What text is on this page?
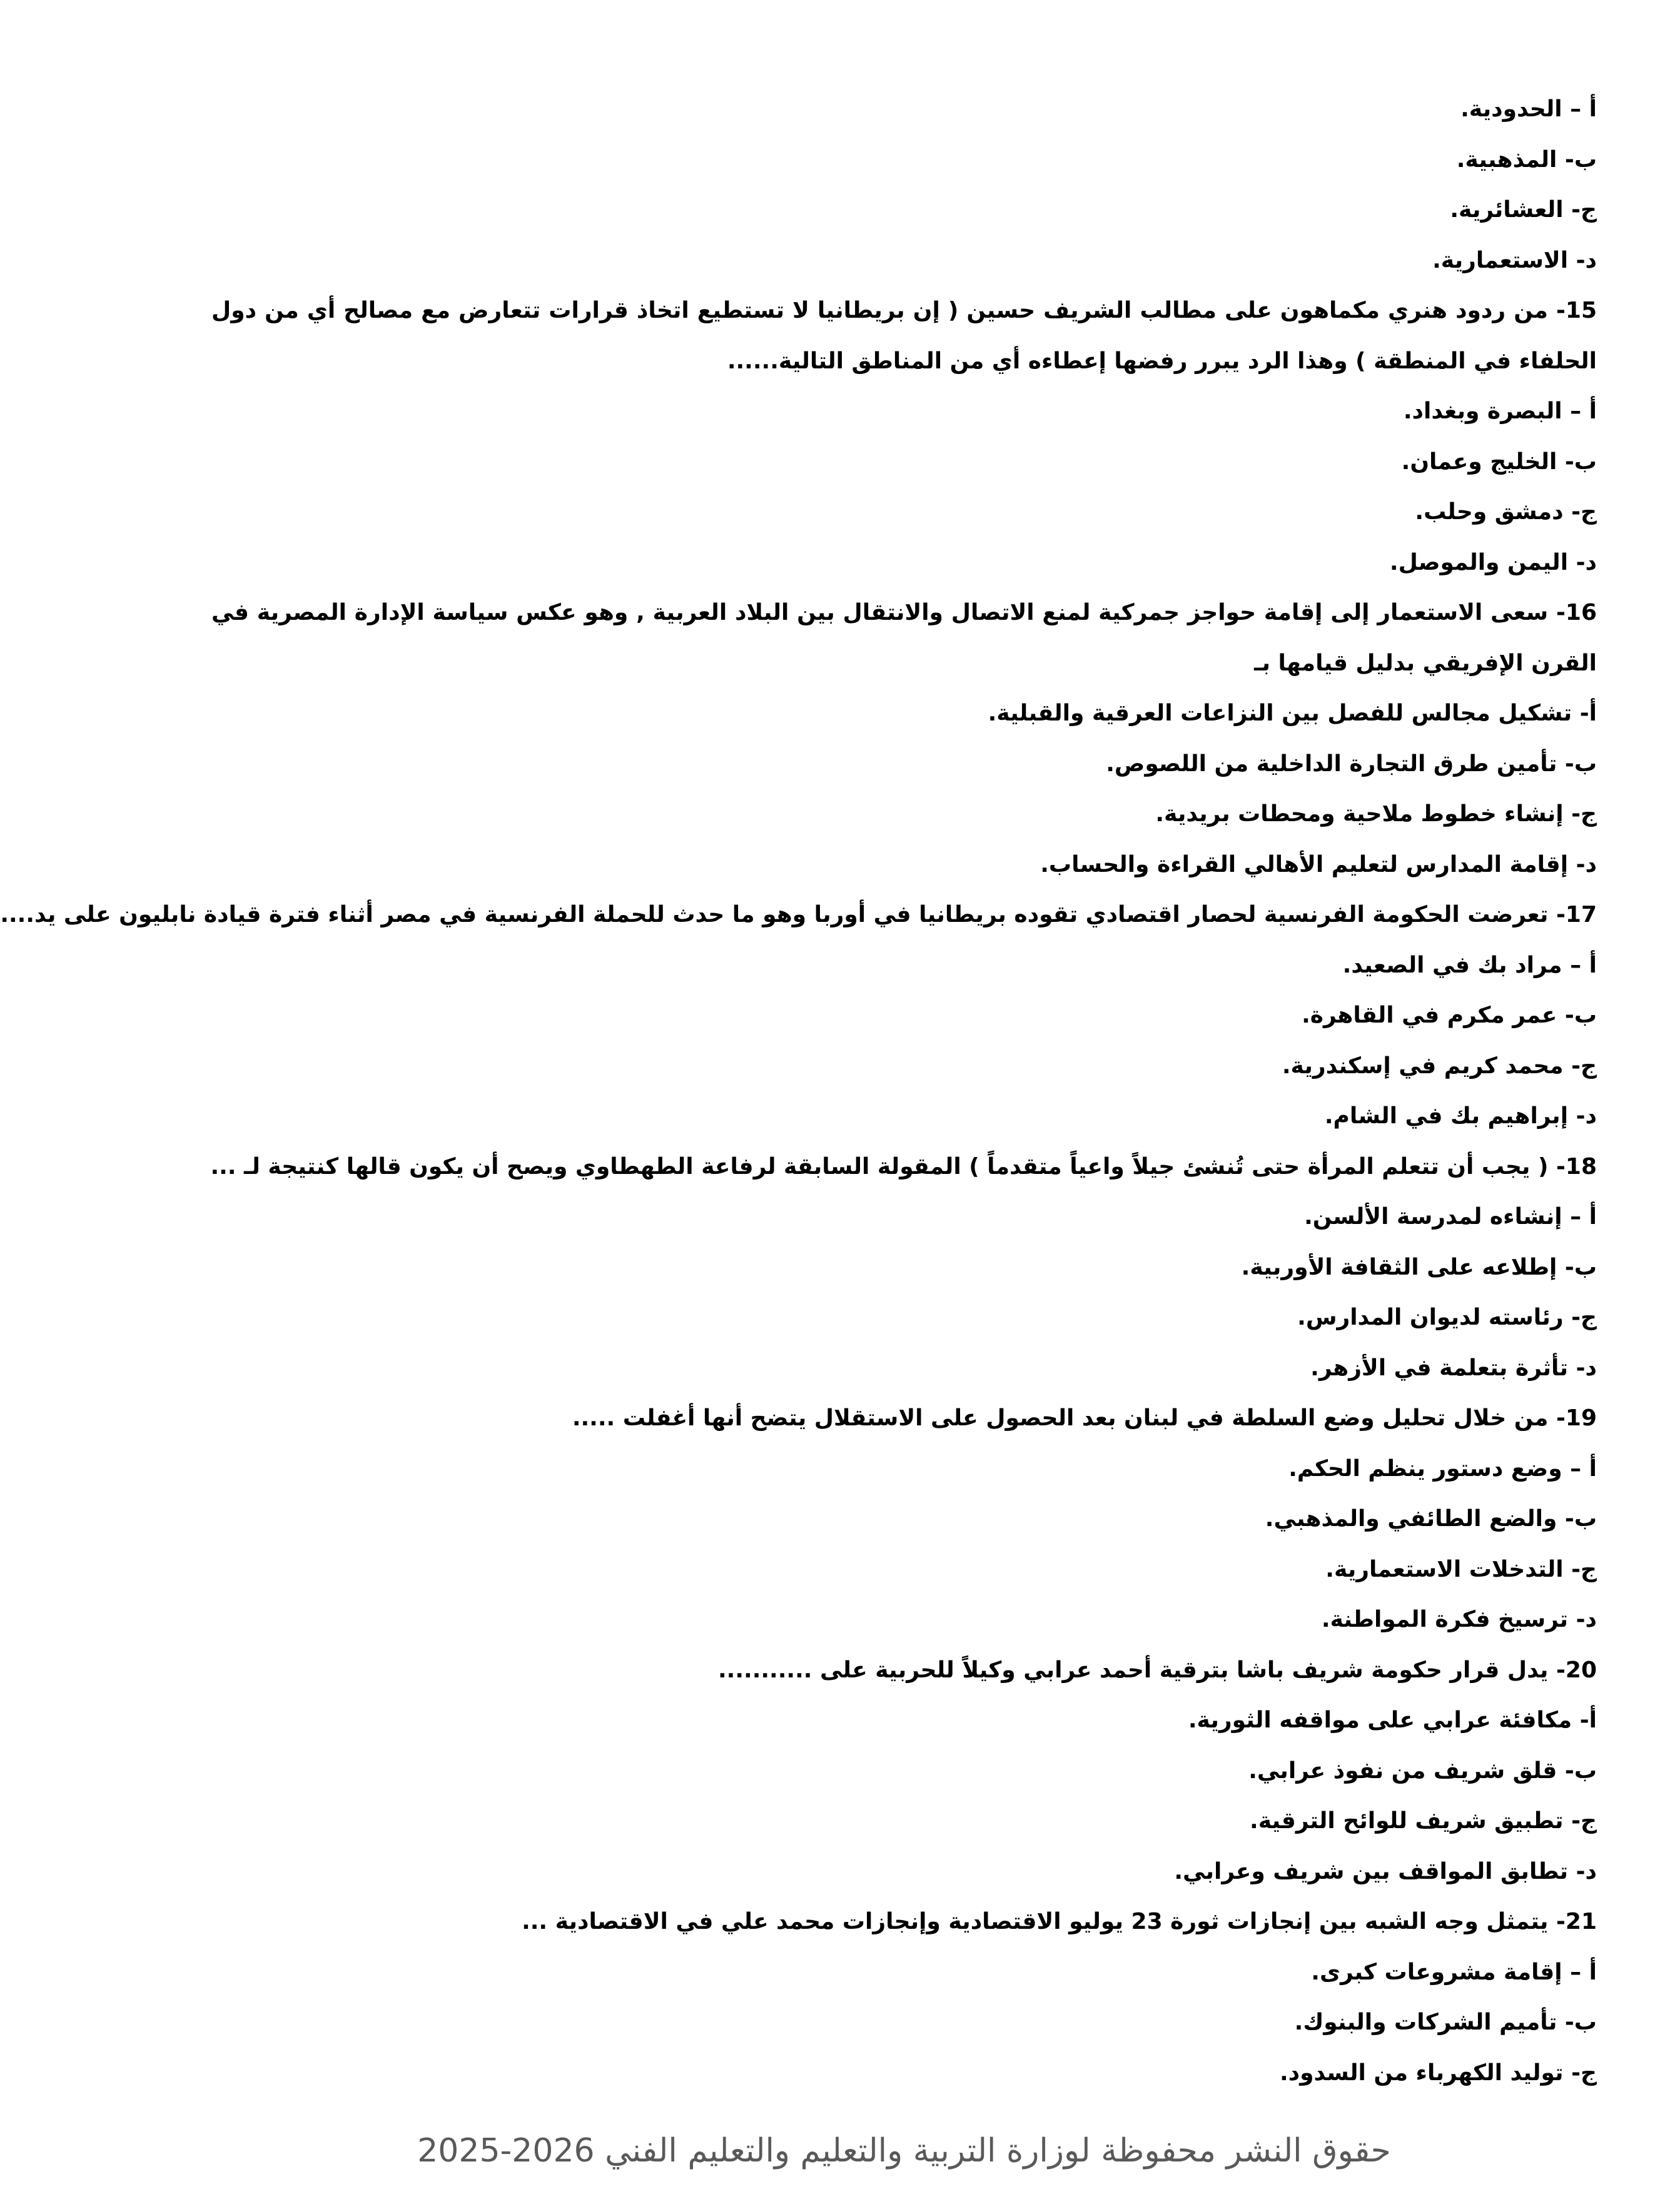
أ – الحدودية.
ب- المذهبية.
ج- العشائرية.
د- الاستعمارية.
15- من ردود هنري مكماهون على مطالب الشريف حسين ( إن بريطانيا لا تستطيع اتخاذ قرارات تتعارض مع مصالح أي من دول الحلفاء في المنطقة ) وهذا الرد يبرر رفضها إعطاءه أي من المناطق التالية......
أ – البصرة وبغداد.
ب- الخليج وعمان.
ج- دمشق وحلب.
د- اليمن والموصل.
16- سعى الاستعمار إلى إقامة حواجز جمركية لمنع الاتصال والانتقال بين البلاد العربية , وهو عكس سياسة الإدارة المصرية في القرن الإفريقي بدليل قيامها بـ
أ- تشكيل مجالس للفصل بين النزاعات العرقية والقبلية.
ب- تأمين طرق التجارة الداخلية من اللصوص.
ج- إنشاء خطوط ملاحية ومحطات بريدية.
د- إقامة المدارس لتعليم الأهالي القراءة والحساب.
17- تعرضت الحكومة الفرنسية لحصار اقتصادي تقوده بريطانيا في أوربا وهو ما حدث للحملة الفرنسية في مصر أثناء فترة قيادة نابليون على يد....
أ – مراد بك في الصعيد.
ب- عمر مكرم في القاهرة.
ج- محمد كريم في إسكندرية.
د- إبراهيم بك في الشام.
18- ( يجب أن تتعلم المرأة حتى تُنشئ جيلاً واعياً متقدماً ) المقولة السابقة لرفاعة الطهطاوي ويصح أن يكون قالها كنتيجة لـ ...
أ – إنشاءه لمدرسة الألسن.
ب- إطلاعه على الثقافة الأوربية.
ج- رئاسته لديوان المدارس.
د- تأثرة بتعلمة في الأزهر.
19- من خلال تحليل وضع السلطة في لبنان بعد الحصول على الاستقلال يتضح أنها أغفلت .....
أ – وضع دستور ينظم الحكم.
ب- والضع الطائفي والمذهبي.
ج- التدخلات الاستعمارية.
د- ترسيخ فكرة المواطنة.
20- يدل قرار حكومة شريف باشا بترقية أحمد عرابي وكيلاً للحربية على ...........
أ- مكافئة عرابي على مواقفه الثورية.
ب- قلق شريف من نفوذ عرابي.
ج- تطبيق شريف للوائح الترقية.
د- تطابق المواقف بين شريف وعرابي.
21- يتمثل وجه الشبه بين إنجازات ثورة 23 يوليو الاقتصادية وإنجازات محمد علي في الاقتصادية ...
أ – إقامة مشروعات كبرى.
ب- تأميم الشركات والبنوك.
ج- توليد الكهرباء من السدود.
حقوق النشر محفوظة لوزارة التربية والتعليم والتعليم الفني 2026-2025
